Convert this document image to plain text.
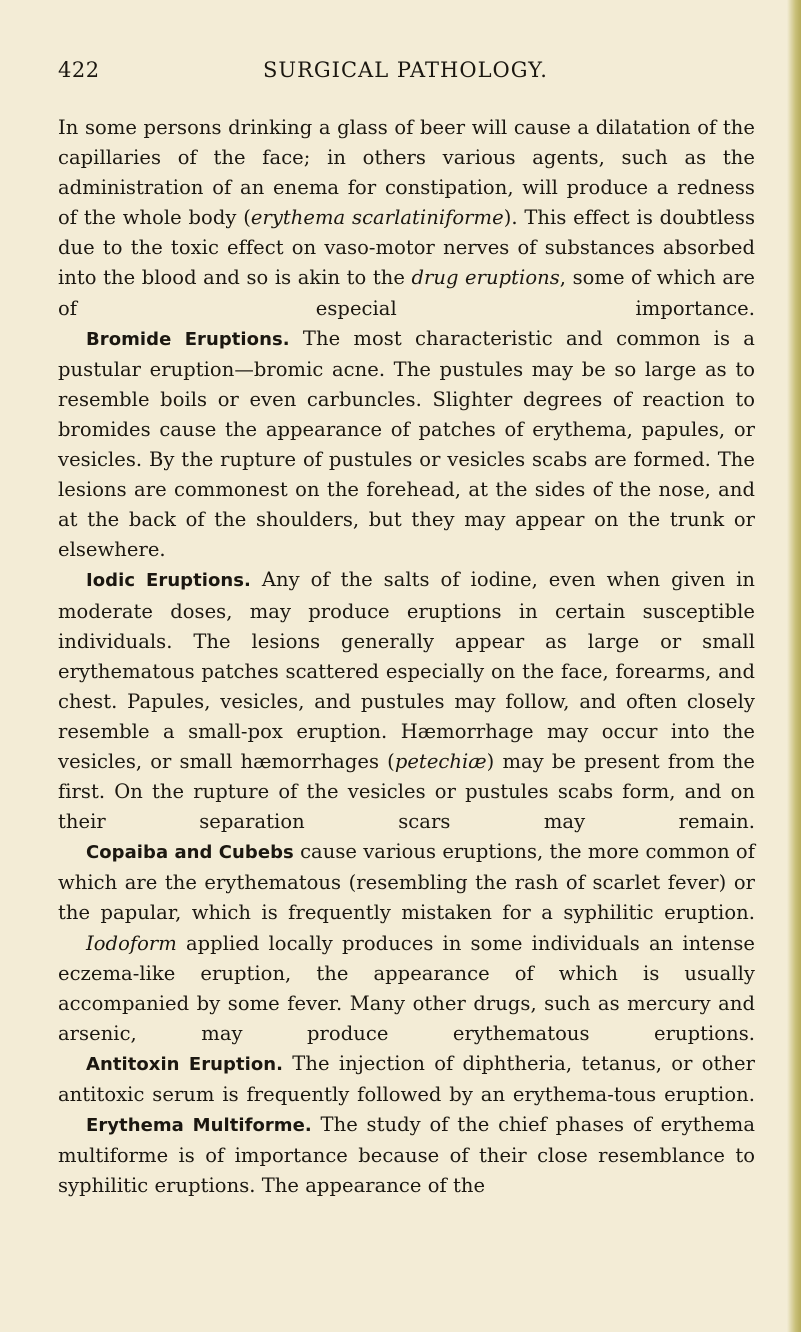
422	SURGICAL PATHOLOGY.

In some persons drinking a glass of beer will cause a dilatation of the capillaries of the face; in others various agents, such as the administration of an enema for constipation, will produce a redness of the whole body (erythema scarlatiniforme). This effect is doubtless due to the toxic effect on vaso-motor nerves of substances absorbed into the blood and so is akin to the drug eruptions, some of which are of especial importance.

Bromide Eruptions. The most characteristic and common is a pustular eruption—bromic acne. The pustules may be so large as to resemble boils or even carbuncles. Slighter degrees of reaction to bromides cause the appearance of patches of erythema, papules, or vesicles. By the rupture of pustules or vesicles scabs are formed. The lesions are commonest on the forehead, at the sides of the nose, and at the back of the shoulders, but they may appear on the trunk or elsewhere.

Iodic Eruptions. Any of the salts of iodine, even when given in moderate doses, may produce eruptions in certain susceptible individuals. The lesions generally appear as large or small erythematous patches scattered especially on the face, forearms, and chest. Papules, vesicles, and pustules may follow, and often closely resemble a small-pox eruption. Hæmorrhage may occur into the vesicles, or small hæmorrhages (petechiæ) may be present from the first. On the rupture of the vesicles or pustules scabs form, and on their separation scars may remain.

Copaiba and Cubebs cause various eruptions, the more common of which are the erythematous (resembling the rash of scarlet fever) or the papular, which is frequently mistaken for a syphilitic eruption.

Iodoform applied locally produces in some individuals an intense eczema-like eruption, the appearance of which is usually accompanied by some fever. Many other drugs, such as mercury and arsenic, may produce erythematous eruptions.

Antitoxin Eruption. The injection of diphtheria, tetanus, or other antitoxic serum is frequently followed by an erythema-tous eruption.

Erythema Multiforme. The study of the chief phases of erythema multiforme is of importance because of their close resemblance to syphilitic eruptions. The appearance of the
